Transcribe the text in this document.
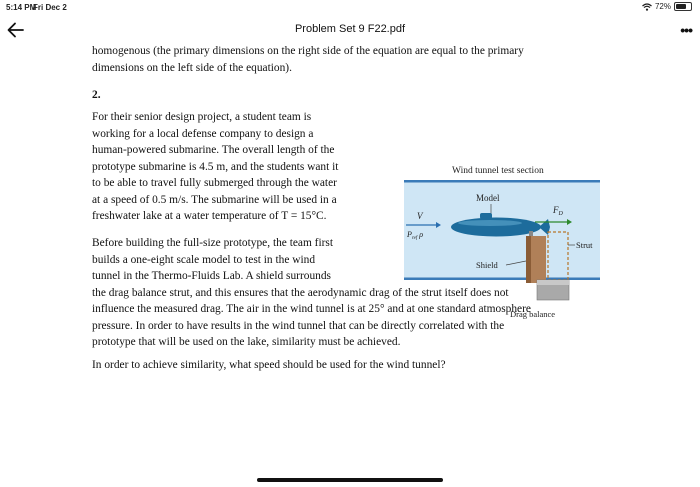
5:14 PM
Fri Dec 2	72%
Problem Set 9 F22.pdf	•••

homogenous (the primary dimensions on the right side of the equation are equal to the primary
dimensions on the left side of the equation).

2.

For their senior design project, a student team is
working for a local defense company to design a
human-powered submarine. The overall length of the
prototype submarine is 4.5 m, and the students want it
to be able to travel fully submerged through the water
at a speed of 0.5 m/s. The submarine will be used in a
freshwater lake at a water temperature of T = 15°C.

Before building the full-size prototype, the team first
builds a one-eight scale model to test in the wind
tunnel in the Thermo-Fluids Lab. A shield surrounds
the drag balance strut, and this ensures that the aerodynamic drag of the strut itself does not
influence the measured drag. The air in the wind tunnel is at 25° and at one standard atmosphere
pressure. In order to have results in the wind tunnel that can be directly correlated with the
prototype that will be used on the lake, similarity must be achieved.

In order to achieve similarity, what speed should be used for the wind tunnel?

Wind tunnel test section
Model
V
$P_{ref}$ ρ
$F_D$
Strut
Shield
Drag balance
